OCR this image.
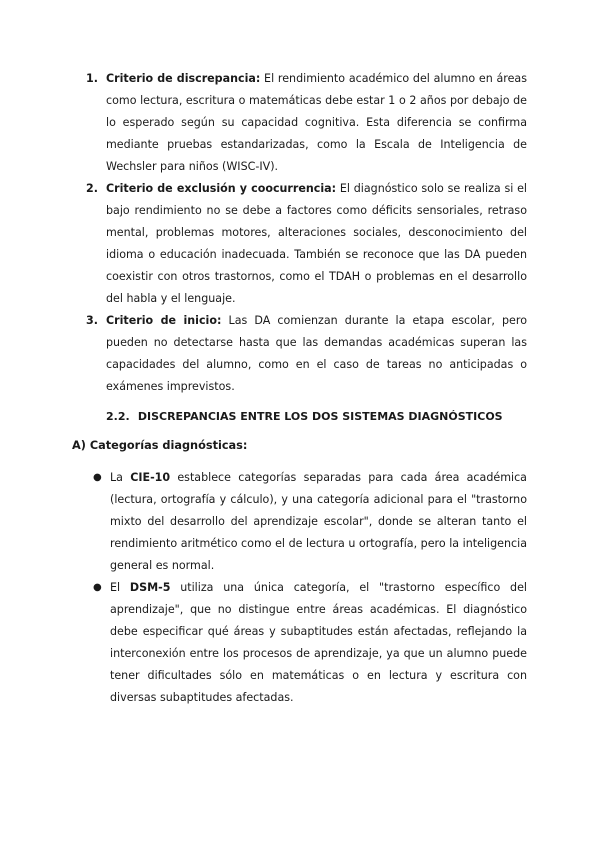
1. Criterio de discrepancia: El rendimiento académico del alumno en áreas como lectura, escritura o matemáticas debe estar 1 o 2 años por debajo de lo esperado según su capacidad cognitiva. Esta diferencia se confirma mediante pruebas estandarizadas, como la Escala de Inteligencia de Wechsler para niños (WISC-IV).
2. Criterio de exclusión y coocurrencia: El diagnóstico solo se realiza si el bajo rendimiento no se debe a factores como déficits sensoriales, retraso mental, problemas motores, alteraciones sociales, desconocimiento del idioma o educación inadecuada. También se reconoce que las DA pueden coexistir con otros trastornos, como el TDAH o problemas en el desarrollo del habla y el lenguaje.
3. Criterio de inicio: Las DA comienzan durante la etapa escolar, pero pueden no detectarse hasta que las demandas académicas superan las capacidades del alumno, como en el caso de tareas no anticipadas o exámenes imprevistos.
2.2. DISCREPANCIAS ENTRE LOS DOS SISTEMAS DIAGNÓSTICOS
A) Categorías diagnósticas:
● La CIE-10 establece categorías separadas para cada área académica (lectura, ortografía y cálculo), y una categoría adicional para el "trastorno mixto del desarrollo del aprendizaje escolar", donde se alteran tanto el rendimiento aritmético como el de lectura u ortografía, pero la inteligencia general es normal.
● El DSM-5 utiliza una única categoría, el "trastorno específico del aprendizaje", que no distingue entre áreas académicas. El diagnóstico debe especificar qué áreas y subaptitudes están afectadas, reflejando la interconexión entre los procesos de aprendizaje, ya que un alumno puede tener dificultades sólo en matemáticas o en lectura y escritura con diversas subaptitudes afectadas.
